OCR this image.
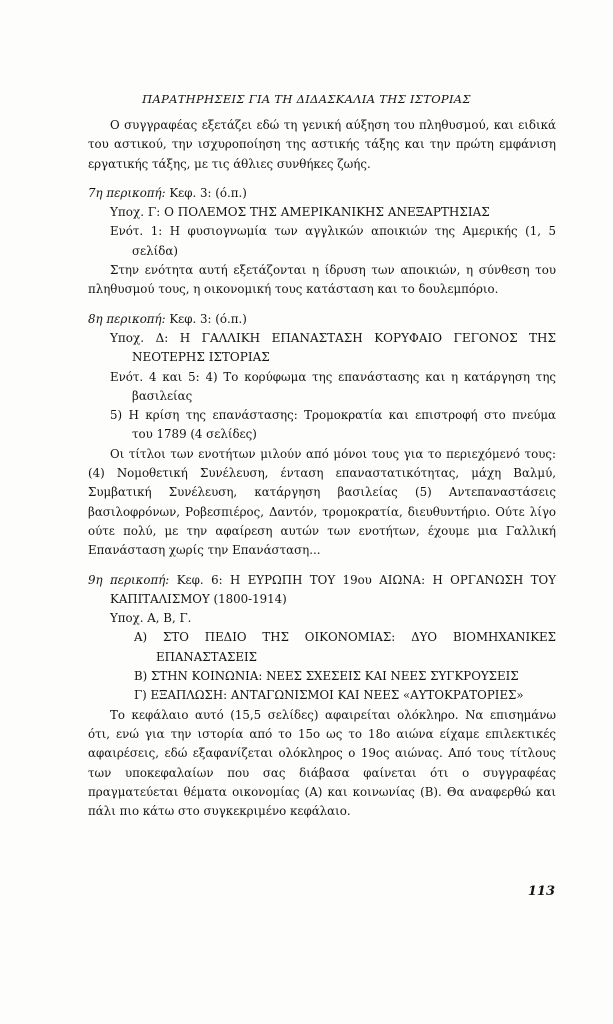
ΠΑΡΑΤΗΡΗΣΕΙΣ ΓΙΑ ΤΗ ΔΙΔΑΣΚΑΛΙΑ ΤΗΣ ΙΣΤΟΡΙΑΣ

Ο συγγραφέας εξετάζει εδώ τη γενική αύξηση του πληθυσμού, και ειδικά του αστικού, την ισχυροποίηση της αστικής τάξης και την πρώτη εμφάνιση εργατικής τάξης, με τις άθλιες συνθήκες ζωής.

7η περικοπή: Κεφ. 3: (ό.π.)

Υποχ. Γ: Ο ΠΟΛΕΜΟΣ ΤΗΣ ΑΜΕΡΙΚΑΝΙΚΗΣ ΑΝΕΞΑΡΤΗΣΙΑΣ

Ενότ. 1: Η φυσιογνωμία των αγγλικών αποικιών της Αμερικής (1, 5 σελίδα)

Στην ενότητα αυτή εξετάζονται η ίδρυση των αποικιών, η σύνθεση του πληθυσμού τους, η οικονομική τους κατάσταση και το δουλεμπόριο.

8η περικοπή: Κεφ. 3: (ό.π.)

Υποχ. Δ: Η ΓΑΛΛΙΚΗ ΕΠΑΝΑΣΤΑΣΗ ΚΟΡΥΦΑΙΟ ΓΕΓΟΝΟΣ ΤΗΣ ΝΕΟΤΕΡΗΣ ΙΣΤΟΡΙΑΣ

Ενότ. 4 και 5: 4) Το κορύφωμα της επανάστασης και η κατάργηση της βασιλείας

5) Η κρίση της επανάστασης: Τρομοκρατία και επιστροφή στο πνεύμα του 1789 (4 σελίδες)

Οι τίτλοι των ενοτήτων μιλούν από μόνοι τους για το περιεχόμενό τους: (4) Νομοθετική Συνέλευση, ένταση επαναστατικότητας, μάχη Βαλμύ, Συμβατική Συνέλευση, κατάργηση βασιλείας (5) Αντεπαναστάσεις βασιλοφρόνων, Ροβεσπιέρος, Δαντόν, τρομοκρατία, διευθυντήριο. Ούτε λίγο ούτε πολύ, με την αφαίρεση αυτών των ενοτήτων, έχουμε μια Γαλλική Επανάσταση χωρίς την Επανάσταση...

9η περικοπή: Κεφ. 6: Η ΕΥΡΩΠΗ ΤΟΥ 19ου ΑΙΩΝΑ: Η ΟΡΓΑΝΩΣΗ ΤΟΥ ΚΑΠΙΤΑΛΙΣΜΟΥ (1800-1914)

Υποχ. Α, Β, Γ.

Α) ΣΤΟ ΠΕΔΙΟ ΤΗΣ ΟΙΚΟΝΟΜΙΑΣ: ΔΥΟ ΒΙΟΜΗΧΑΝΙΚΕΣ ΕΠΑΝΑΣΤΑΣΕΙΣ

Β) ΣΤΗΝ ΚΟΙΝΩΝΙΑ: ΝΕΕΣ ΣΧΕΣΕΙΣ ΚΑΙ ΝΕΕΣ ΣΥΓΚΡΟΥΣΕΙΣ

Γ) ΕΞΑΠΛΩΣΗ: ΑΝΤΑΓΩΝΙΣΜΟΙ ΚΑΙ ΝΕΕΣ «ΑΥΤΟΚΡΑΤΟΡΙΕΣ»

Το κεφάλαιο αυτό (15,5 σελίδες) αφαιρείται ολόκληρο. Να επισημάνω ότι, ενώ για την ιστορία από το 15ο ως το 18ο αιώνα είχαμε επιλεκτικές αφαιρέσεις, εδώ εξαφανίζεται ολόκληρος ο 19ος αιώνας. Από τους τίτλους των υποκεφαλαίων που σας διάβασα φαίνεται ότι ο συγγραφέας πραγματεύεται θέματα οικονομίας (Α) και κοινωνίας (Β). Θα αναφερθώ και πάλι πιο κάτω στο συγκεκριμένο κεφάλαιο.

113
